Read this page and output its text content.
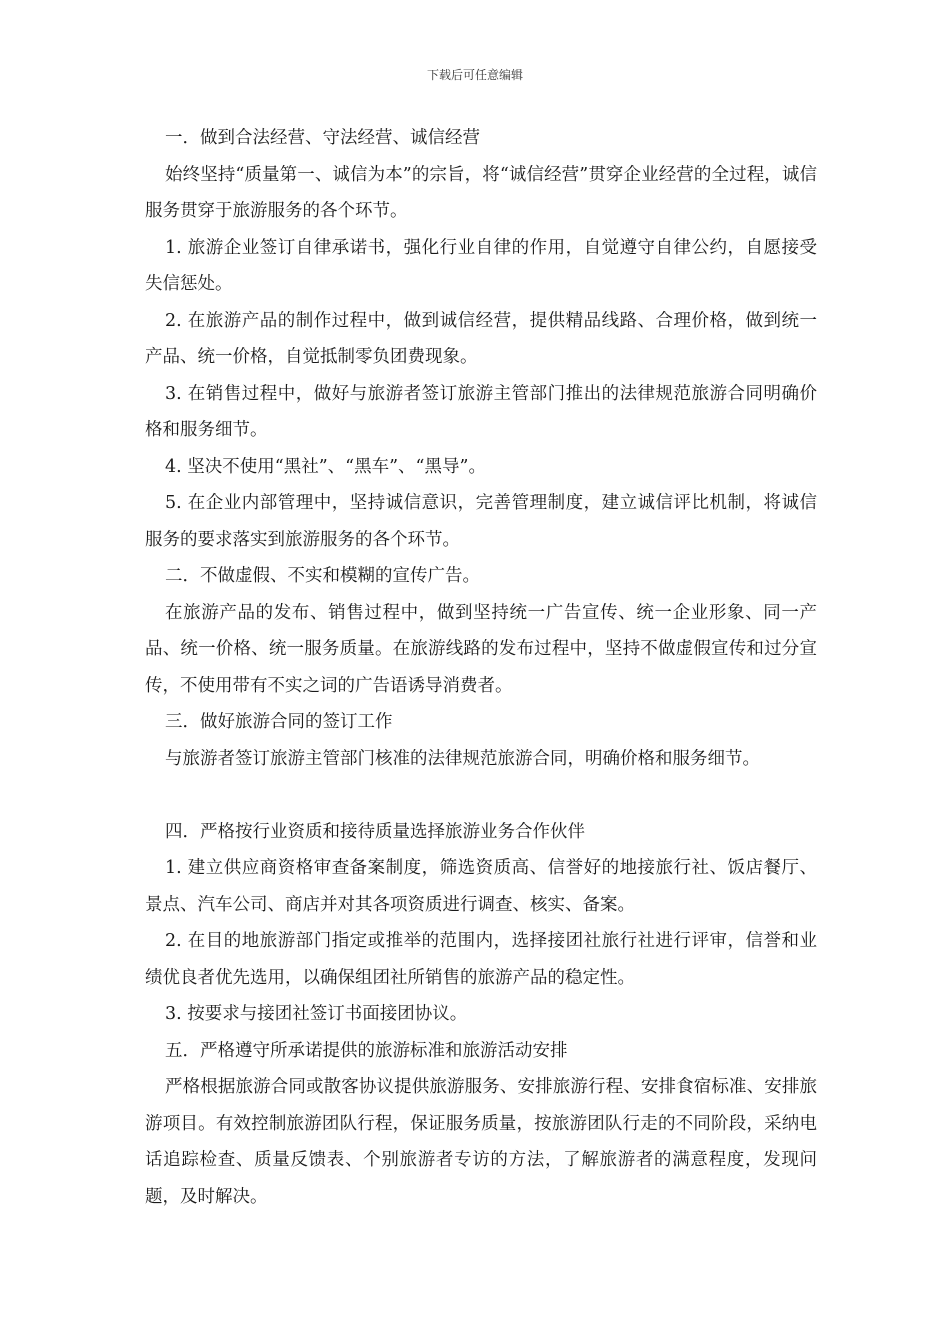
下载后可任意编辑

一．做到合法经营、守法经营、诚信经营

始终坚持“质量第一、诚信为本”的宗旨，将“诚信经营”贯穿企业经营的全过程，诚信服务贯穿于旅游服务的各个环节。

1. 旅游企业签订自律承诺书，强化行业自律的作用，自觉遵守自律公约，自愿接受失信惩处。

2. 在旅游产品的制作过程中，做到诚信经营，提供精品线路、合理价格，做到统一产品、统一价格，自觉抵制零负团费现象。

3. 在销售过程中，做好与旅游者签订旅游主管部门推出的法律规范旅游合同明确价格和服务细节。

4. 坚决不使用“黑社”、“黑车”、“黑导”。

5. 在企业内部管理中，坚持诚信意识，完善管理制度，建立诚信评比机制，将诚信服务的要求落实到旅游服务的各个环节。

二．不做虚假、不实和模糊的宣传广告。

在旅游产品的发布、销售过程中，做到坚持统一广告宣传、统一企业形象、同一产品、统一价格、统一服务质量。在旅游线路的发布过程中，坚持不做虚假宣传和过分宣传，不使用带有不实之词的广告语诱导消费者。

三．做好旅游合同的签订工作

与旅游者签订旅游主管部门核准的法律规范旅游合同，明确价格和服务细节。

四．严格按行业资质和接待质量选择旅游业务合作伙伴

1. 建立供应商资格审查备案制度，筛选资质高、信誉好的地接旅行社、饭店餐厅、景点、汽车公司、商店并对其各项资质进行调查、核实、备案。

2. 在目的地旅游部门指定或推举的范围内，选择接团社旅行社进行评审，信誉和业绩优良者优先选用，以确保组团社所销售的旅游产品的稳定性。

3. 按要求与接团社签订书面接团协议。

五．严格遵守所承诺提供的旅游标准和旅游活动安排

严格根据旅游合同或散客协议提供旅游服务、安排旅游行程、安排食宿标准、安排旅游项目。有效控制旅游团队行程，保证服务质量，按旅游团队行走的不同阶段，采纳电话追踪检查、质量反馈表、个别旅游者专访的方法，了解旅游者的满意程度，发现问题，及时解决。
